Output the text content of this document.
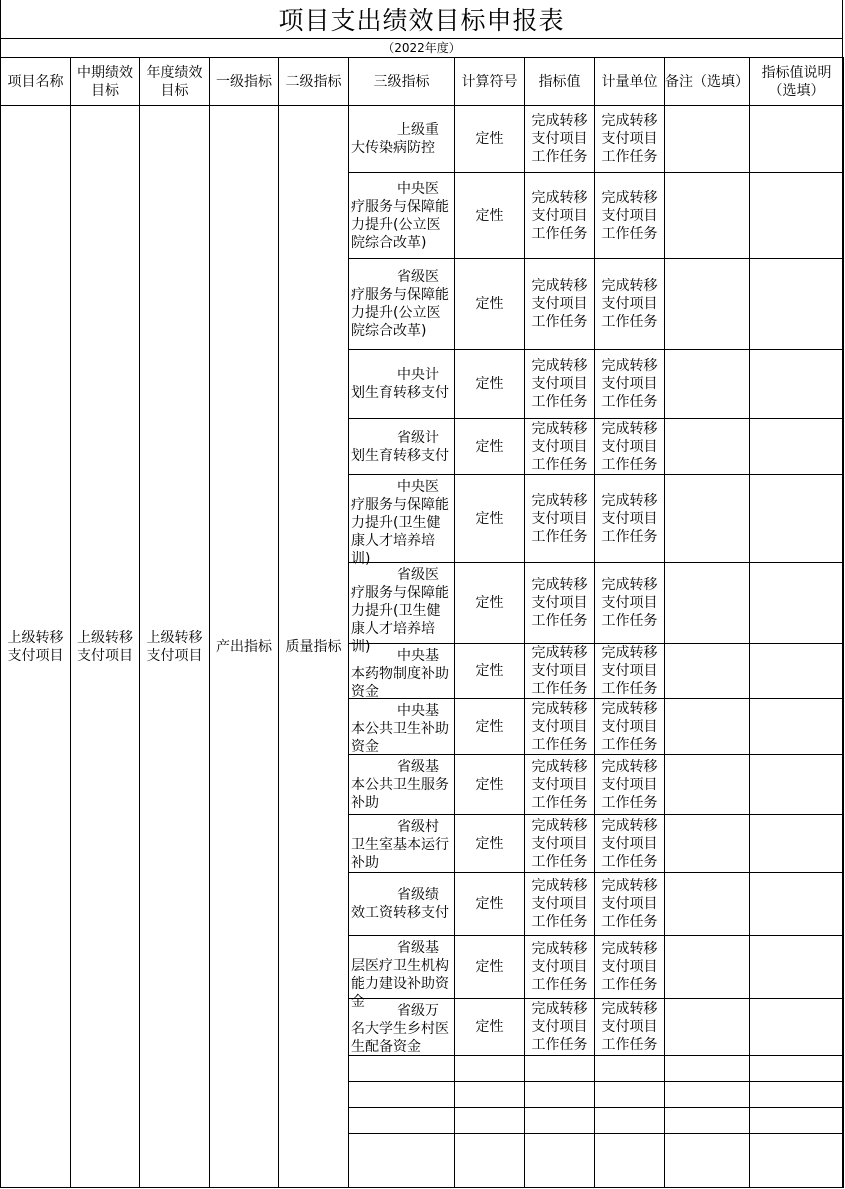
项目支出绩效目标申报表
（2022年度）
项目名称	中期绩效目标	年度绩效目标	一级指标	二级指标	三级指标	计算符号	指标值	计量单位	备注（选填）	指标值说明（选填）
上级转移支付项目	上级转移支付项目	上级转移支付项目	产出指标	质量指标	上级重大传染病防控	定性	完成转移支付项目工作任务	完成转移支付项目工作任务		

					中央医疗服务与保障能力提升(公立医院综合改革)	定性	完成转移支付项目工作任务	完成转移支付项目工作任务		

					省级医疗服务与保障能力提升(公立医院综合改革)	定性	完成转移支付项目工作任务	完成转移支付项目工作任务		

					中央计划生育转移支付	定性	完成转移支付项目工作任务	完成转移支付项目工作任务		

					省级计划生育转移支付	定性	完成转移支付项目工作任务	完成转移支付项目工作任务		

					中央医疗服务与保障能力提升(卫生健康人才培养培训)	定性	完成转移支付项目工作任务	完成转移支付项目工作任务		

					省级医疗服务与保障能力提升(卫生健康人才培养培训)	定性	完成转移支付项目工作任务	完成转移支付项目工作任务		

					中央基本药物制度补助资金	定性	完成转移支付项目工作任务	完成转移支付项目工作任务		

					中央基本公共卫生补助资金	定性	完成转移支付项目工作任务	完成转移支付项目工作任务		

					省级基本公共卫生服务补助	定性	完成转移支付项目工作任务	完成转移支付项目工作任务		

					省级村卫生室基本运行补助	定性	完成转移支付项目工作任务	完成转移支付项目工作任务		

					省级绩效工资转移支付	定性	完成转移支付项目工作任务	完成转移支付项目工作任务		

					省级基层医疗卫生机构能力建设补助资金	定性	完成转移支付项目工作任务	完成转移支付项目工作任务		

					省级万名大学生乡村医生配备资金	定性	完成转移支付项目工作任务	完成转移支付项目工作任务		
